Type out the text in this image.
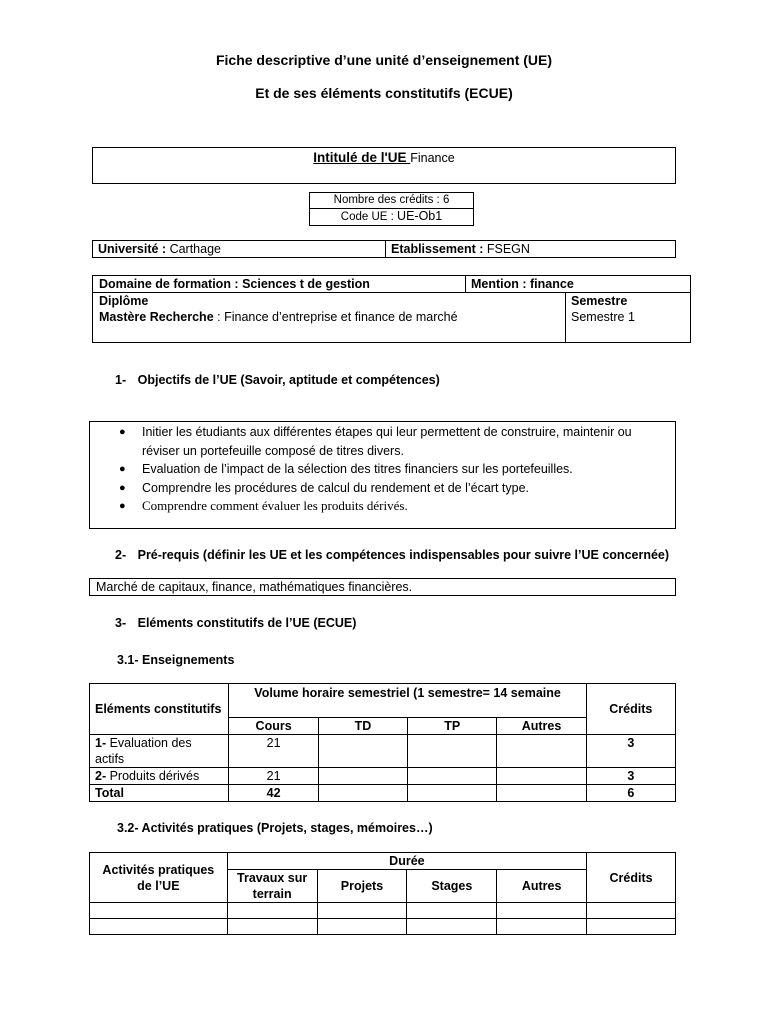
Fiche descriptive d’une unité d’enseignement (UE)
Et de ses éléments constitutifs (ECUE)
Intitulé de l'UE Finance
Nombre des crédits : 6
Code UE : UE-Ob1
Université : Carthage	Etablissement : FSEGN
Domaine de formation : Sciences t de gestion	Mention : finance
Diplôme
Mastère Recherche : Finance d’entreprise et finance de marché
Semestre
Semestre 1
1- Objectifs de l’UE (Savoir, aptitude et compétences)
● Initier les étudiants aux différentes étapes qui leur permettent de construire, maintenir ou réviser un portefeuille composé de titres divers.
● Evaluation de l’impact de la sélection des titres financiers sur les portefeuilles.
● Comprendre les procédures de calcul du rendement et de l’écart type.
● Comprendre comment évaluer les produits dérivés.
2- Pré-requis (définir les UE et les compétences indispensables pour suivre l’UE concernée)
Marché de capitaux, finance, mathématiques financières.
3- Eléments constitutifs de l’UE (ECUE)
3.1- Enseignements
Eléments constitutifs	Volume horaire semestriel (1 semestre= 14 semaine				Crédits
	Cours	TD	TP	Autres	
1- Evaluation des actifs	21				3
2- Produits dérivés	21				3
Total	42				6
3.2- Activités pratiques (Projets, stages, mémoires…)
Activités pratiques de l’UE	Durée				Crédits
	Travaux sur terrain	Projets	Stages	Autres	
